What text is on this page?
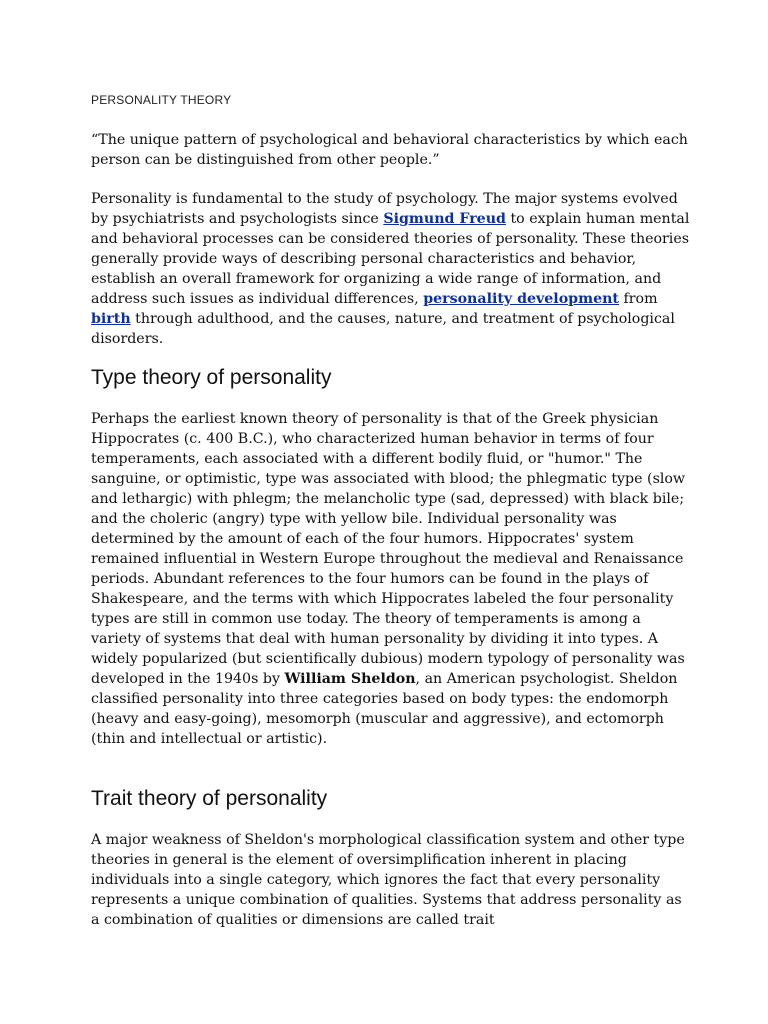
PERSONALITY THEORY

“The unique pattern of psychological and behavioral characteristics by which each person can be distinguished from other people.”

Personality is fundamental to the study of psychology. The major systems evolved by psychiatrists and psychologists since Sigmund Freud to explain human mental and behavioral processes can be considered theories of personality. These theories generally provide ways of describing personal characteristics and behavior, establish an overall framework for organizing a wide range of information, and address such issues as individual differences, personality development from birth through adulthood, and the causes, nature, and treatment of psychological disorders.

Type theory of personality

Perhaps the earliest known theory of personality is that of the Greek physician Hippocrates (c. 400 B.C.), who characterized human behavior in terms of four temperaments, each associated with a different bodily fluid, or "humor." The sanguine, or optimistic, type was associated with blood; the phlegmatic type (slow and lethargic) with phlegm; the melancholic type (sad, depressed) with black bile; and the choleric (angry) type with yellow bile. Individual personality was determined by the amount of each of the four humors. Hippocrates' system remained influential in Western Europe throughout the medieval and Renaissance periods. Abundant references to the four humors can be found in the plays of Shakespeare, and the terms with which Hippocrates labeled the four personality types are still in common use today. The theory of temperaments is among a variety of systems that deal with human personality by dividing it into types. A widely popularized (but scientifically dubious) modern typology of personality was developed in the 1940s by William Sheldon, an American psychologist. Sheldon classified personality into three categories based on body types: the endomorph (heavy and easy-going), mesomorph (muscular and aggressive), and ectomorph (thin and intellectual or artistic).

Trait theory of personality

A major weakness of Sheldon's morphological classification system and other type theories in general is the element of oversimplification inherent in placing individuals into a single category, which ignores the fact that every personality represents a unique combination of qualities. Systems that address personality as a combination of qualities or dimensions are called trait
